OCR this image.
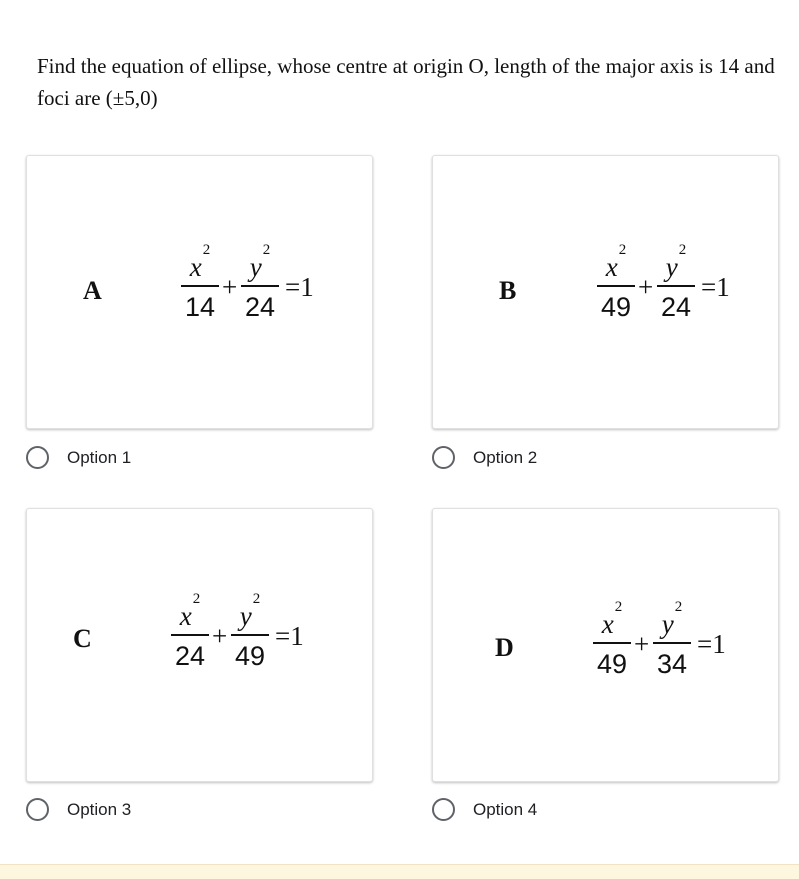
Find the equation of ellipse, whose centre at origin O, length of the major axis is 14 and foci are (±5,0)
A
$x^2$
14
+
$y^2$
24
=1
Option 1
B
$x^2$
49
+
$y^2$
24
=1
Option 2
C
$x^2$
24
+
$y^2$
49
=1
Option 3
D
$x^2$
49
+
$y^2$
34
=1
Option 4
